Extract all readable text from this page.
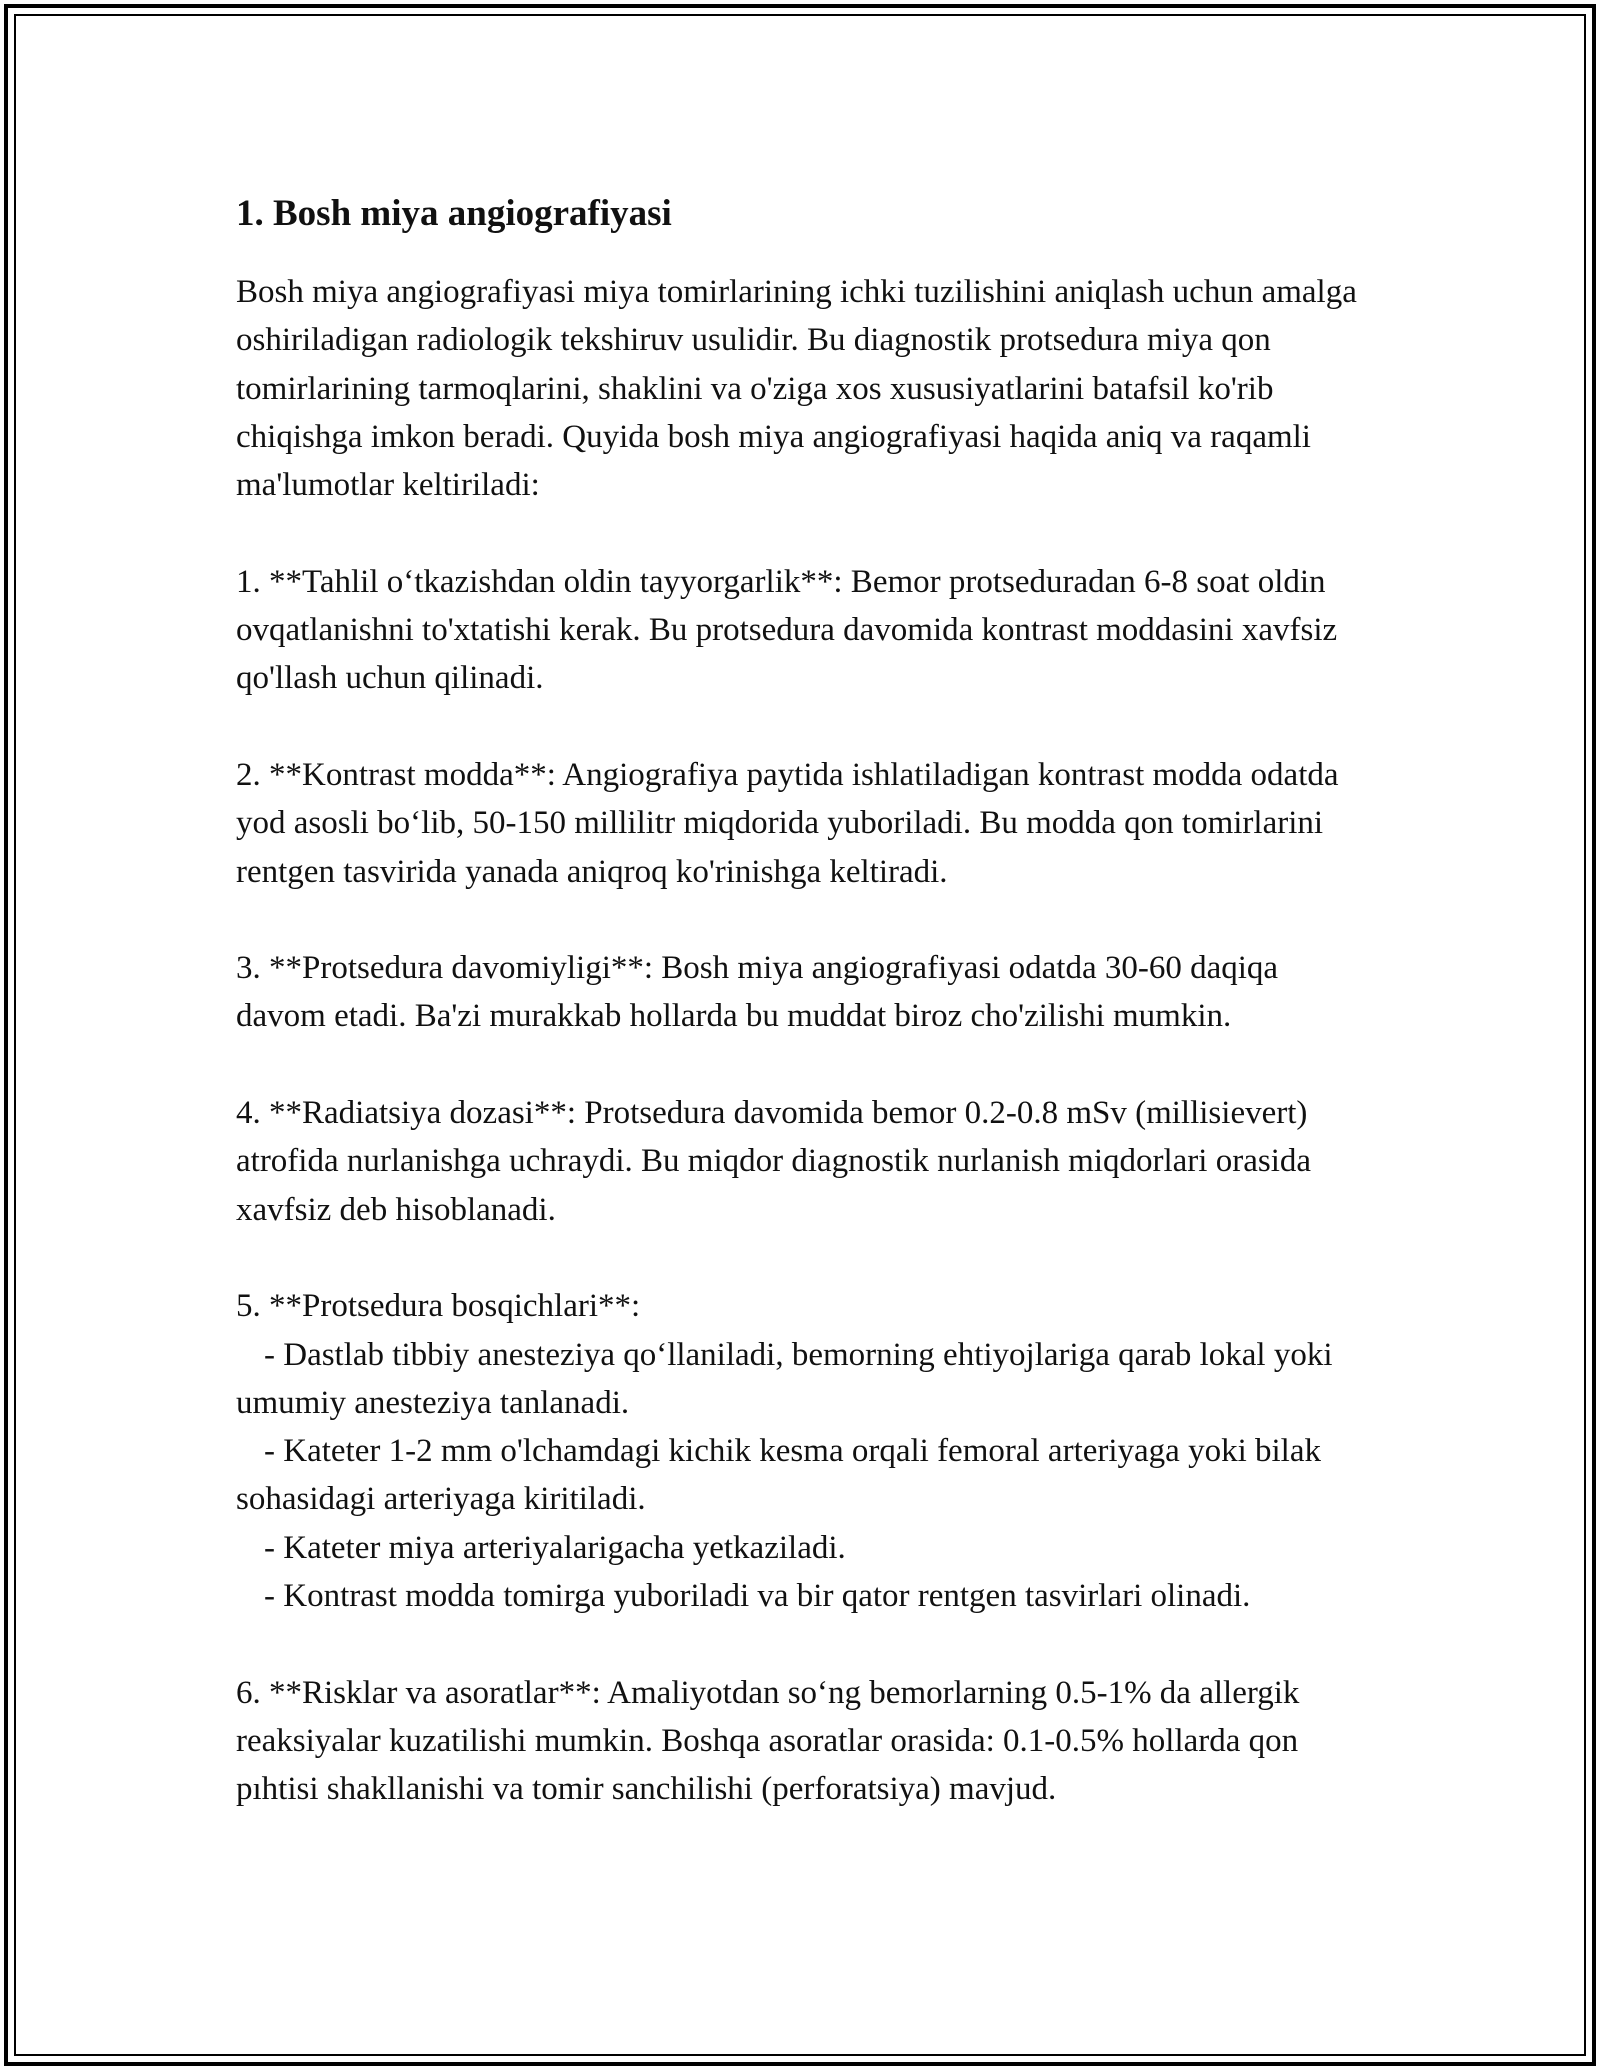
1. Bosh miya angiografiyasi

Bosh miya angiografiyasi miya tomirlarining ichki tuzilishini aniqlash uchun amalga oshiriladigan radiologik tekshiruv usulidir. Bu diagnostik protsedura miya qon tomirlarining tarmoqlarini, shaklini va o'ziga xos xususiyatlarini batafsil ko'rib chiqishga imkon beradi. Quyida bosh miya angiografiyasi haqida aniq va raqamli ma'lumotlar keltiriladi:

1. **Tahlil o‘tkazishdan oldin tayyorgarlik**: Bemor protseduradan 6-8 soat oldin ovqatlanishni to'xtatishi kerak. Bu protsedura davomida kontrast moddasini xavfsiz qo'llash uchun qilinadi.

2. **Kontrast modda**: Angiografiya paytida ishlatiladigan kontrast modda odatda yod asosli bo‘lib, 50-150 millilitr miqdorida yuboriladi. Bu modda qon tomirlarini rentgen tasvirida yanada aniqroq ko'rinishga keltiradi.

3. **Protsedura davomiyligi**: Bosh miya angiografiyasi odatda 30-60 daqiqa davom etadi. Ba'zi murakkab hollarda bu muddat biroz cho'zilishi mumkin.

4. **Radiatsiya dozasi**: Protsedura davomida bemor 0.2-0.8 mSv (millisievert) atrofida nurlanishga uchraydi. Bu miqdor diagnostik nurlanish miqdorlari orasida xavfsiz deb hisoblanadi.

5. **Protsedura bosqichlari**:

- Dastlab tibbiy anesteziya qo‘llaniladi, bemorning ehtiyojlariga qarab lokal yoki umumiy anesteziya tanlanadi.

- Kateter 1-2 mm o'lchamdagi kichik kesma orqali femoral arteriyaga yoki bilak sohasidagi arteriyaga kiritiladi.

- Kateter miya arteriyalarigacha yetkaziladi.

- Kontrast modda tomirga yuboriladi va bir qator rentgen tasvirlari olinadi.

6. **Risklar va asoratlar**: Amaliyotdan so‘ng bemorlarning 0.5-1% da allergik reaksiyalar kuzatilishi mumkin. Boshqa asoratlar orasida: 0.1-0.5% hollarda qon pıhtisi shakllanishi va tomir sanchilishi (perforatsiya) mavjud.
